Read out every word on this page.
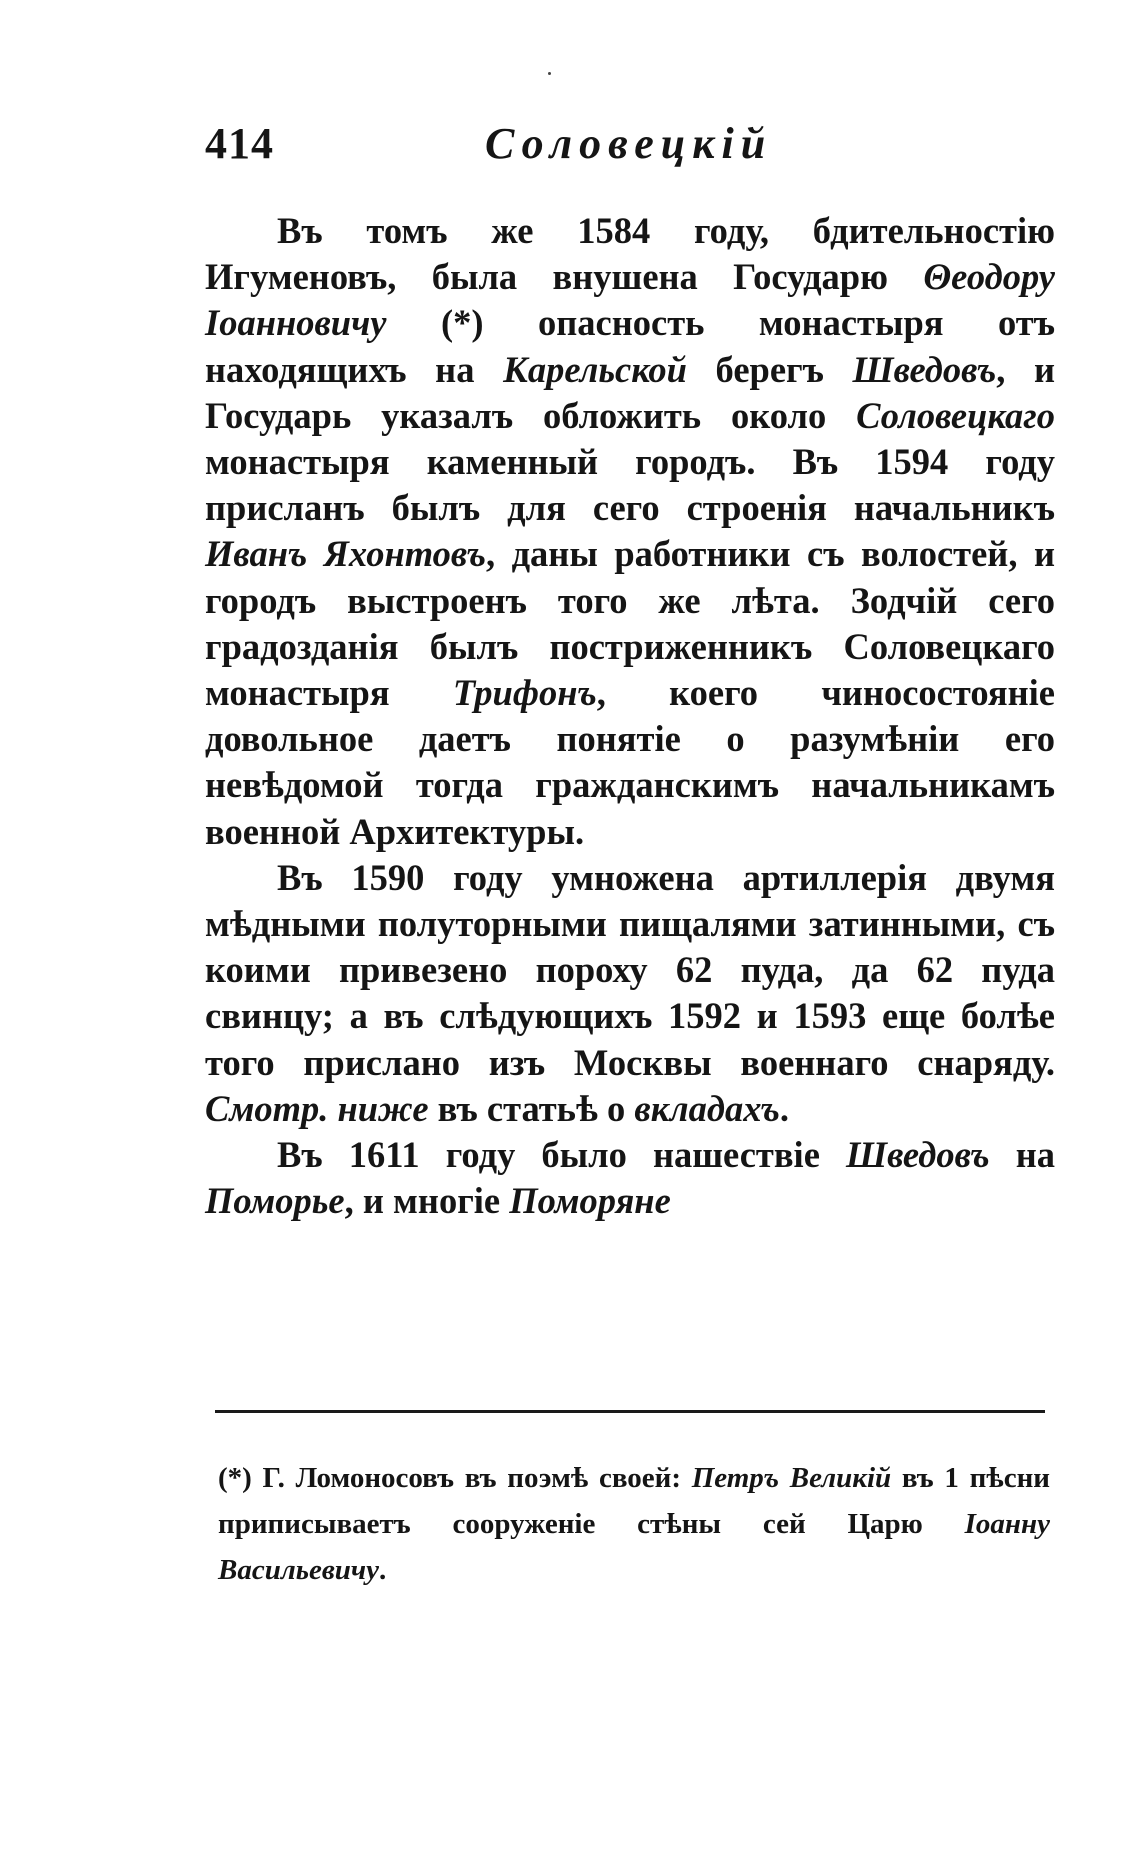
414	Соловецкiй

Въ томъ же 1584 году, бдительностiю Игуменовъ, была внушена Государю Θеодору Iоанновичу (*) опасность монастыря отъ находящихъ на Карельской берегъ Шведовъ, и Государь указалъ обложить около Соловецкаго монастыря каменный городъ. Въ 1594 году присланъ былъ для сего строенiя начальникъ Иванъ Яхонтовъ, даны работники съ волостей, и городъ выстроенъ того же лѣта. Зодчiй сего градозданiя былъ постриженникъ Соловецкаго монастыря Трифонъ, коего чиносостоянiе довольное даетъ понятiе о разумѣнiи его невѣдомой тогда гражданскимъ начальникамъ военной Архитектуры.

Въ 1590 году умножена артиллерiя двумя мѣдными полуторными пищалями затинными, съ коими привезено пороху 62 пуда, да 62 пуда свинцу; а въ слѣдующихъ 1592 и 1593 еще болѣе того прислано изъ Москвы военнаго снаряду. Смотр. ниже въ статьѣ о вкладахъ.

Въ 1611 году было нашествiе Шведовъ на Поморье, и многiе Поморяне

(*) Г. Ломоносовъ въ поэмѣ своей: Петръ Великiй въ 1 пѣсни приписываетъ сооруженiе стѣны сей Царю Iоанну Васильевичу.
